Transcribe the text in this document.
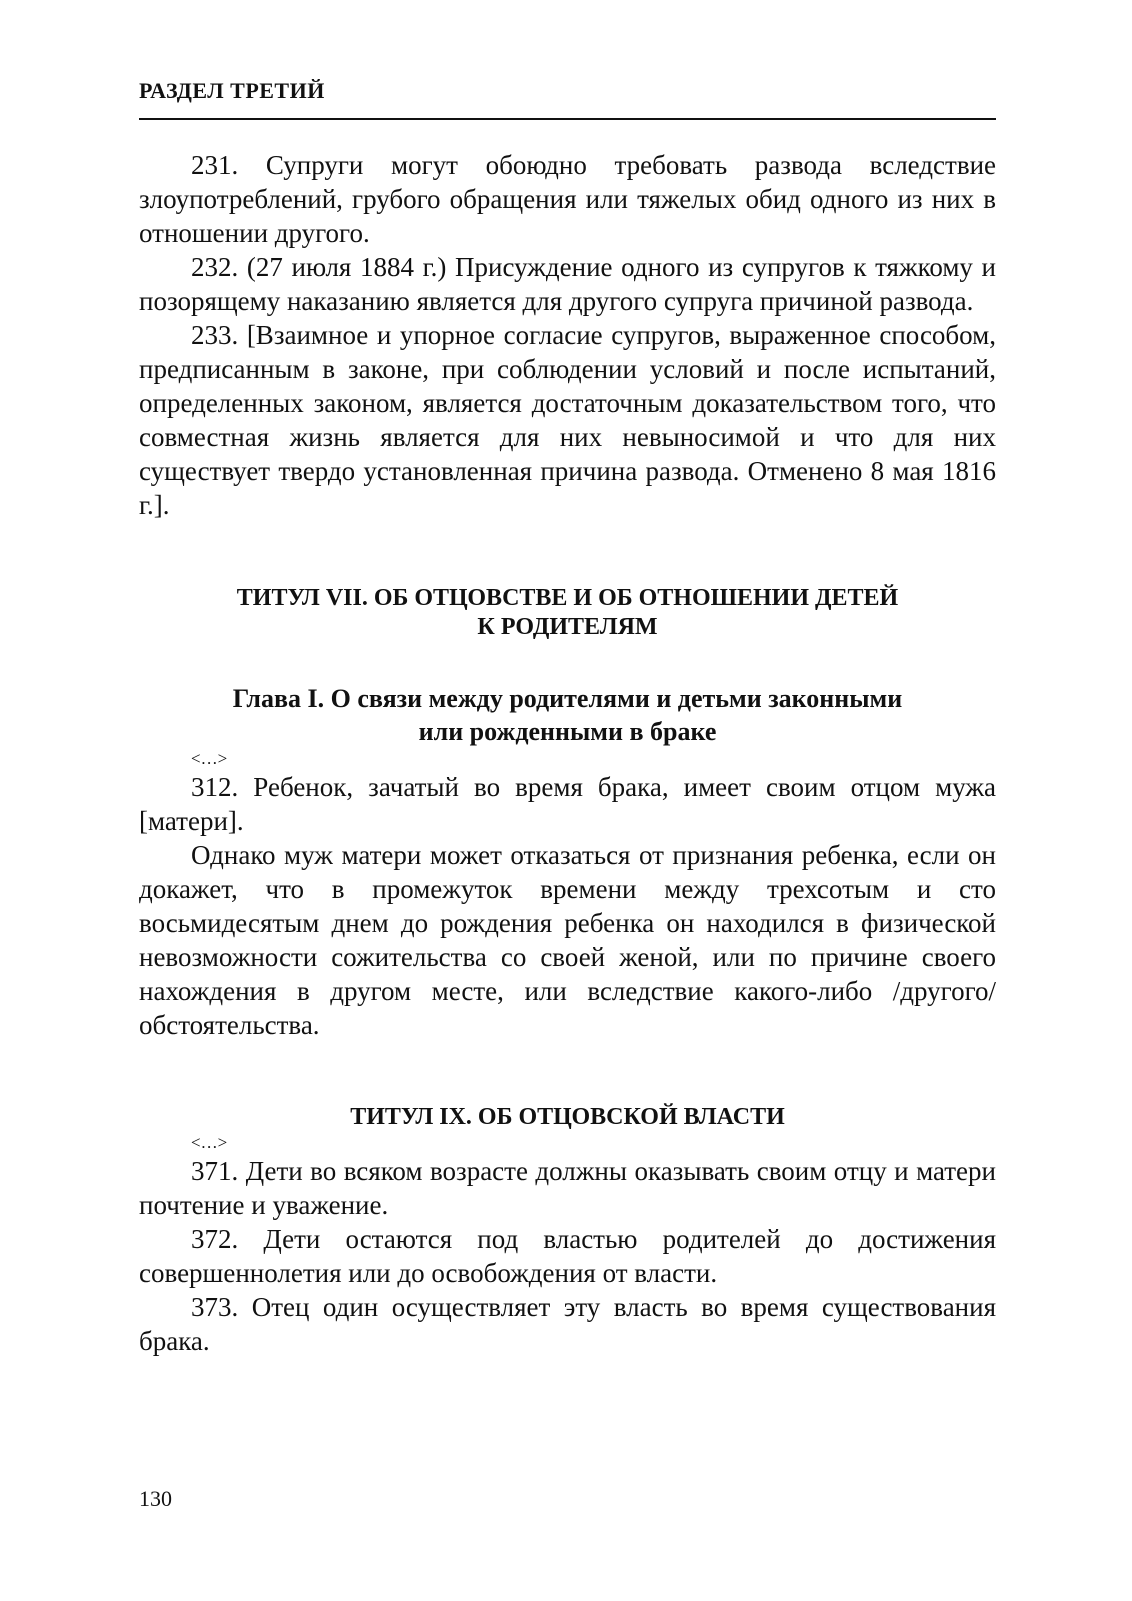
РАЗДЕЛ ТРЕТИЙ

231. Супруги могут обоюдно требовать развода вследствие злоупотреблений, грубого обращения или тяжелых обид одного из них в отношении другого.

232. (27 июля 1884 г.) Присуждение одного из супругов к тяжкому и позорящему наказанию является для другого супруга причиной развода.

233. [Взаимное и упорное согласие супругов, выраженное способом, предписанным в законе, при соблюдении условий и после испытаний, определенных законом, является достаточным доказательством того, что совместная жизнь является для них невыносимой и что для них существует твердо установленная причина развода. Отменено 8 мая 1816 г.].

ТИТУЛ VII. ОБ ОТЦОВСТВЕ И ОБ ОТНОШЕНИИ ДЕТЕЙ

К РОДИТЕЛЯМ

Глава I. О связи между родителями и детьми законными

или рожденными в браке

<…>

312. Ребенок, зачатый во время брака, имеет своим отцом мужа [матери].

Однако муж матери может отказаться от признания ребенка, если он докажет, что в промежуток времени между трехсотым и сто восьмидесятым днем до рождения ребенка он находился в физической невозможности сожительства со своей женой, или по причине своего нахождения в другом месте, или вследствие какого-либо /другого/ обстоятельства.

ТИТУЛ IX. ОБ ОТЦОВСКОЙ ВЛАСТИ

<…>

371. Дети во всяком возрасте должны оказывать своим отцу и матери почтение и уважение.

372. Дети остаются под властью родителей до достижения совершеннолетия или до освобождения от власти.

373. Отец один осуществляет эту власть во время существования брака.

130
